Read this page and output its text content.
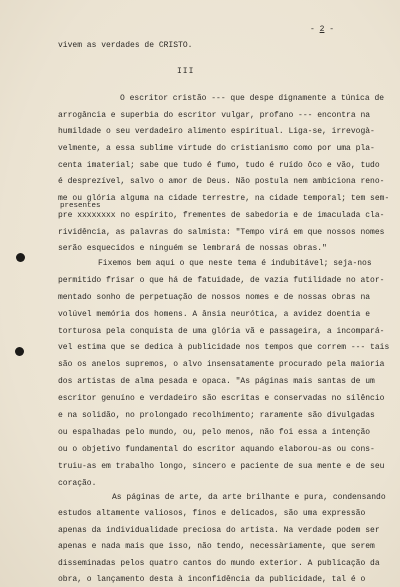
- 2 -
vivem as verdades de CRISTO.
III
O escritor cristão --- que despe dignamente a túnica de
arrogância e superbia do escritor vulgar, profano --- encontra na
humildade o seu verdadeiro alimento espiritual. Liga-se, irrevogà-
velmente, a essa sublime virtude do cristianismo como por uma pla-
centa imaterial; sabe que tudo é fumo, tudo é ruído ôco e vão, tudo
é desprezível, salvo o amor de Deus. Não postula nem ambiciona reno-
me ou glória alguma na cidade terrestre, na cidade temporal; tem sem-
pre xxxxxxxx no espírito, frementes de sabedoria e de imaculada cla-
rividência, as palavras do salmista: "Tempo virá em que nossos nomes
serão esquecidos e ninguém se lembrará de nossas obras."
presentes
Fixemos bem aqui o que neste tema é indubitável; seja-nos
permitido frisar o que há de fatuidade, de vazia futilidade no ator-
mentado sonho de perpetuação de nossos nomes e de nossas obras na
volúvel memória dos homens. A ânsia neurótica, a avidez doentia e
torturosa pela conquista de uma glória vã e passageira, a incompará-
vel estima que se dedica à publicidade nos tempos que correm --- tais
são os anelos supremos, o alvo insensatamente procurado pela maioria
dos artistas de alma pesada e opaca. "As páginas mais santas de um
escritor genuíno e verdadeiro são escritas e conservadas no silêncio
e na solidão, no prolongado recolhimento; raramente são divulgadas
ou espalhadas pelo mundo, ou, pelo menos, não foi essa a intenção
ou o objetivo fundamental do escritor aquando elaborou-as ou cons-
truiu-as em trabalho longo, sincero e paciente de sua mente e de seu
coração.
As páginas de arte, da arte brilhante e pura, condensando
estudos altamente valiosos, finos e delicados, são uma expressão
apenas da individualidade preciosa do artista. Na verdade podem ser
apenas e nada mais que isso, não tendo, necessàriamente, que serem
disseminadas pelos quatro cantos do mundo exterior. A publicação da
obra, o lançamento desta à inconfidência da publicidade, tal é o
